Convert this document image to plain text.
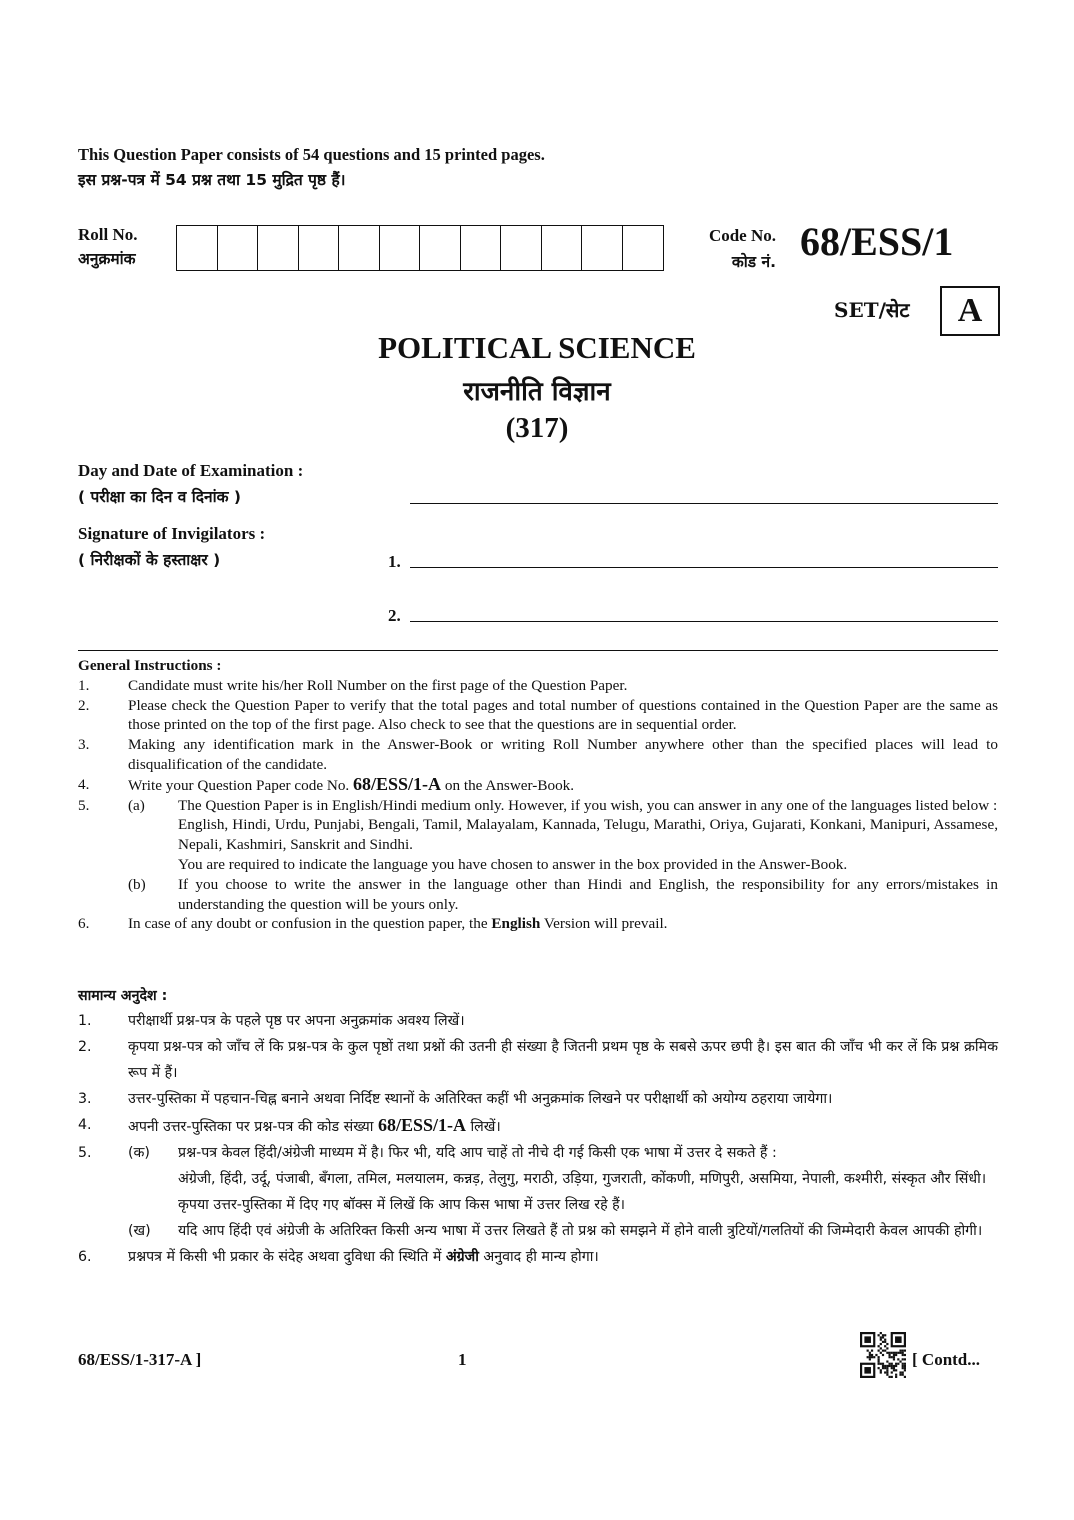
This Question Paper consists of 54 questions and 15 printed pages.
इस प्रश्न-पत्र में 54 प्रश्न तथा 15 मुद्रित पृष्ठ हैं।
Roll No.
अनुक्रमांक
Code No.
कोड नं. 68/ESS/1
SET/सेट	A
POLITICAL SCIENCE
राजनीति विज्ञान
(317)
Day and Date of Examination :
( परीक्षा का दिन व दिनांक )
Signature of Invigilators :
( निरीक्षकों के हस्ताक्षर )	1.
2.
General Instructions :
1.	Candidate must write his/her Roll Number on the first page of the Question Paper.
2.	Please check the Question Paper to verify that the total pages and total number of questions contained in the Question Paper are the same as those printed on the top of the first page. Also check to see that the questions are in sequential order.
3.	Making any identification mark in the Answer-Book or writing Roll Number anywhere other than the specified places will lead to disqualification of the candidate.
4.	Write your Question Paper code No. 68/ESS/1-A on the Answer-Book.
5.	(a)	The Question Paper is in English/Hindi medium only. However, if you wish, you can answer in any one of the languages listed below :
English, Hindi, Urdu, Punjabi, Bengali, Tamil, Malayalam, Kannada, Telugu, Marathi, Oriya, Gujarati, Konkani, Manipuri, Assamese, Nepali, Kashmiri, Sanskrit and Sindhi.
You are required to indicate the language you have chosen to answer in the box provided in the Answer-Book.
(b)	If you choose to write the answer in the language other than Hindi and English, the responsibility for any errors/mistakes in understanding the question will be yours only.
6.	In case of any doubt or confusion in the question paper, the English Version will prevail.
सामान्य अनुदेश :
1.	परीक्षार्थी प्रश्न-पत्र के पहले पृष्ठ पर अपना अनुक्रमांक अवश्य लिखें।
2.	कृपया प्रश्न-पत्र को जाँच लें कि प्रश्न-पत्र के कुल पृष्ठों तथा प्रश्नों की उतनी ही संख्या है जितनी प्रथम पृष्ठ के सबसे ऊपर छपी है। इस बात की जाँच भी कर लें कि प्रश्न क्रमिक रूप में हैं।
3.	उत्तर-पुस्तिका में पहचान-चिह्न बनाने अथवा निर्दिष्ट स्थानों के अतिरिक्त कहीं भी अनुक्रमांक लिखने पर परीक्षार्थी को अयोग्य ठहराया जायेगा।
4.	अपनी उत्तर-पुस्तिका पर प्रश्न-पत्र की कोड संख्या 68/ESS/1-A लिखें।
5.	(क)	प्रश्न-पत्र केवल हिंदी/अंग्रेजी माध्यम में है। फिर भी, यदि आप चाहें तो नीचे दी गई किसी एक भाषा में उत्तर दे सकते हैं :
अंग्रेजी, हिंदी, उर्दू, पंजाबी, बँगला, तमिल, मलयालम, कन्नड़, तेलुगु, मराठी, उड़िया, गुजराती, कोंकणी, मणिपुरी, असमिया, नेपाली, कश्मीरी, संस्कृत और सिंधी।
कृपया उत्तर-पुस्तिका में दिए गए बॉक्स में लिखें कि आप किस भाषा में उत्तर लिख रहे हैं।
(ख)	यदि आप हिंदी एवं अंग्रेजी के अतिरिक्त किसी अन्य भाषा में उत्तर लिखते हैं तो प्रश्न को समझने में होने वाली त्रुटियों/गलतियों की जिम्मेदारी केवल आपकी होगी।
6.	प्रश्नपत्र में किसी भी प्रकार के संदेह अथवा दुविधा की स्थिति में अंग्रेजी अनुवाद ही मान्य होगा।
68/ESS/1-317-A ]	1	[ Contd...
